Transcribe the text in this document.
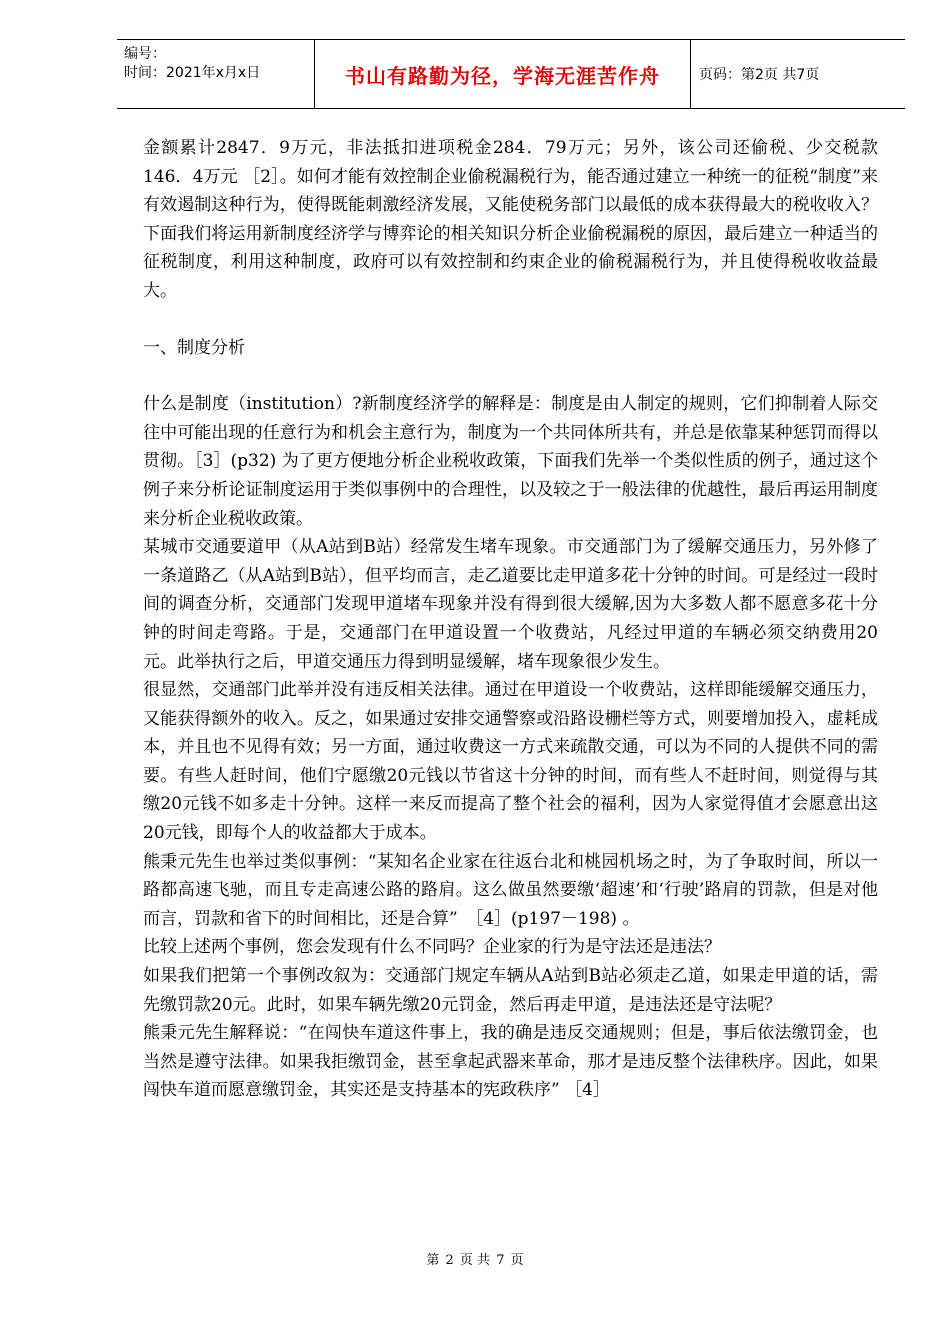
编号：
时间：2021年x月x日	书山有路勤为径，学海无涯苦作舟	页码：第2页 共7页

金额累计2847．9万元，非法抵扣进项税金284．79万元；另外，该公司还偷税、少交税款146．4万元 ［2］。如何才能有效控制企业偷税漏税行为，能否通过建立一种统一的征税“制度”来有效遏制这种行为，使得既能刺激经济发展，又能使税务部门以最低的成本获得最大的税收收入？下面我们将运用新制度经济学与博弈论的相关知识分析企业偷税漏税的原因，最后建立一种适当的征税制度，利用这种制度，政府可以有效控制和约束企业的偷税漏税行为，并且使得税收收益最大。

一、制度分析

什么是制度（institution）?新制度经济学的解释是：制度是由人制定的规则，它们抑制着人际交往中可能出现的任意行为和机会主意行为，制度为一个共同体所共有，并总是依靠某种惩罚而得以贯彻。［3］(p32) 为了更方便地分析企业税收政策，下面我们先举一个类似性质的例子，通过这个例子来分析论证制度运用于类似事例中的合理性，以及较之于一般法律的优越性，最后再运用制度来分析企业税收政策。

某城市交通要道甲（从A站到B站）经常发生堵车现象。市交通部门为了缓解交通压力，另外修了一条道路乙（从A站到B站），但平均而言，走乙道要比走甲道多花十分钟的时间。可是经过一段时间的调查分析，交通部门发现甲道堵车现象并没有得到很大缓解,因为大多数人都不愿意多花十分钟的时间走弯路。于是，交通部门在甲道设置一个收费站，凡经过甲道的车辆必须交纳费用20元。此举执行之后，甲道交通压力得到明显缓解，堵车现象很少发生。

很显然，交通部门此举并没有违反相关法律。通过在甲道设一个收费站，这样即能缓解交通压力，又能获得额外的收入。反之，如果通过安排交通警察或沿路设栅栏等方式，则要增加投入，虚耗成本，并且也不见得有效；另一方面，通过收费这一方式来疏散交通，可以为不同的人提供不同的需要。有些人赶时间，他们宁愿缴20元钱以节省这十分钟的时间，而有些人不赶时间，则觉得与其缴20元钱不如多走十分钟。这样一来反而提高了整个社会的福利，因为人家觉得值才会愿意出这20元钱，即每个人的收益都大于成本。

熊秉元先生也举过类似事例：“某知名企业家在往返台北和桃园机场之时，为了争取时间，所以一路都高速飞驰，而且专走高速公路的路肩。这么做虽然要缴‘超速’和‘行驶’路肩的罚款，但是对他而言，罚款和省下的时间相比，还是合算”　［4］(p197－198) 。

比较上述两个事例，您会发现有什么不同吗？企业家的行为是守法还是违法？

如果我们把第一个事例改叙为：交通部门规定车辆从A站到B站必须走乙道，如果走甲道的话，需先缴罚款20元。此时，如果车辆先缴20元罚金，然后再走甲道，是违法还是守法呢？

熊秉元先生解释说：“在闯快车道这件事上，我的确是违反交通规则；但是，事后依法缴罚金，也当然是遵守法律。如果我拒缴罚金，甚至拿起武器来革命，那才是违反整个法律秩序。因此，如果闯快车道而愿意缴罚金，其实还是支持基本的宪政秩序” ［4］

第 2 页 共 7 页
